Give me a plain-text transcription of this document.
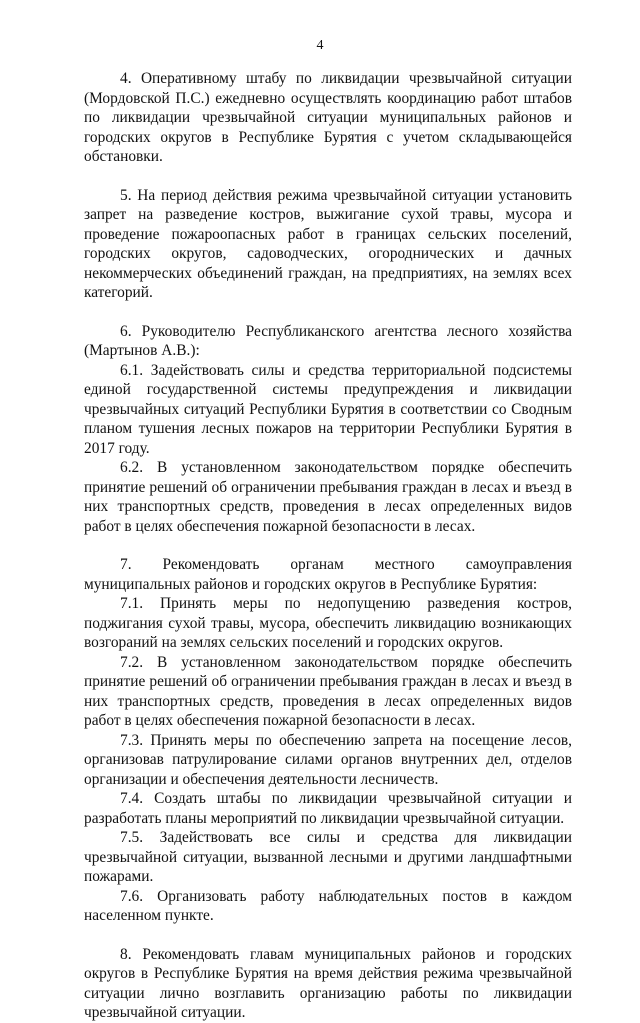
4

4. Оперативному штабу по ликвидации чрезвычайной ситуации (Мордовской П.С.) ежедневно осуществлять координацию работ штабов по ликвидации чрезвычайной ситуации муниципальных районов и городских округов в Республике Бурятия с учетом складывающейся обстановки.

5. На период действия режима чрезвычайной ситуации установить запрет на разведение костров, выжигание сухой травы, мусора и проведение пожароопасных работ в границах сельских поселений, городских округов, садоводческих, огороднических и дачных некоммерческих объединений граждан, на предприятиях, на землях всех категорий.

6. Руководителю Республиканского агентства лесного хозяйства (Мартынов А.В.):

6.1. Задействовать силы и средства территориальной подсистемы единой государственной системы предупреждения и ликвидации чрезвычайных ситуаций Республики Бурятия в соответствии со Сводным планом тушения лесных пожаров на территории Республики Бурятия в 2017 году.

6.2. В установленном законодательством порядке обеспечить принятие решений об ограничении пребывания граждан в лесах и въезд в них транспортных средств, проведения в лесах определенных видов работ в целях обеспечения пожарной безопасности в лесах.

7. Рекомендовать органам местного самоуправления муниципальных районов и городских округов в Республике Бурятия:

7.1. Принять меры по недопущению разведения костров, поджигания сухой травы, мусора, обеспечить ликвидацию возникающих возгораний на землях сельских поселений и городских округов.

7.2. В установленном законодательством порядке обеспечить принятие решений об ограничении пребывания граждан в лесах и въезд в них транспортных средств, проведения в лесах определенных видов работ в целях обеспечения пожарной безопасности в лесах.

7.3. Принять меры по обеспечению запрета на посещение лесов, организовав патрулирование силами органов внутренних дел, отделов организации и обеспечения деятельности лесничеств.

7.4. Создать штабы по ликвидации чрезвычайной ситуации и разработать планы мероприятий по ликвидации чрезвычайной ситуации.

7.5. Задействовать все силы и средства для ликвидации чрезвычайной ситуации, вызванной лесными и другими ландшафтными пожарами.

7.6. Организовать работу наблюдательных постов в каждом населенном пункте.

8. Рекомендовать главам муниципальных районов и городских округов в Республике Бурятия на время действия режима чрезвычайной ситуации лично возглавить организацию работы по ликвидации чрезвычайной ситуации.
